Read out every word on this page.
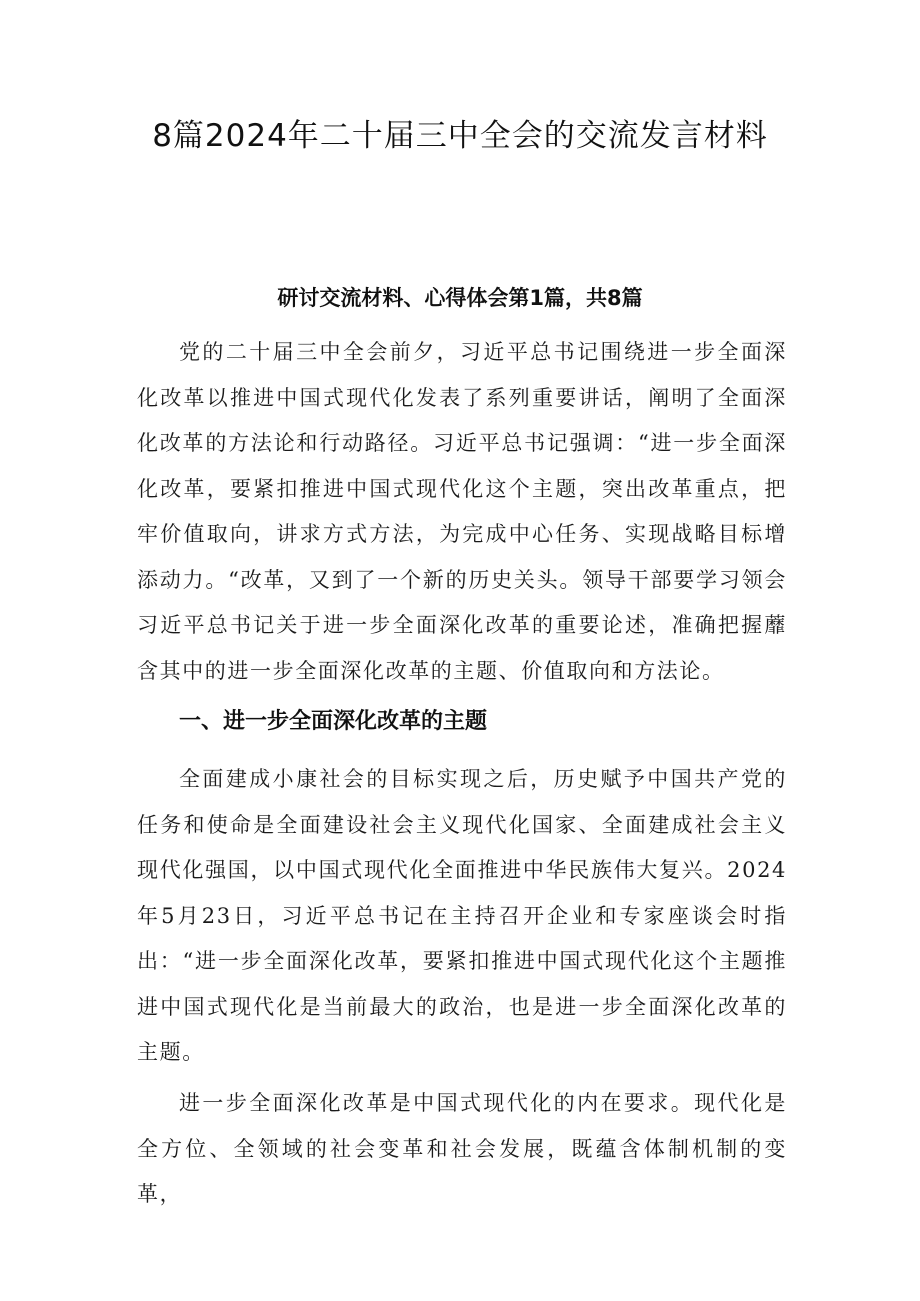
8篇2024年二十届三中全会的交流发言材料
研讨交流材料、心得体会第1篇，共8篇

党的二十届三中全会前夕，习近平总书记围绕进一步全面深化改革以推进中国式现代化发表了系列重要讲话，阐明了全面深化改革的方法论和行动路径。习近平总书记强调：“进一步全面深化改革，要紧扣推进中国式现代化这个主题，突出改革重点，把牢价值取向，讲求方式方法，为完成中心任务、实现战略目标增添动力。“改革，又到了一个新的历史关头。领导干部要学习领会习近平总书记关于进一步全面深化改革的重要论述，准确把握蘼含其中的进一步全面深化改革的主题、价值取向和方法论。

一、进一步全面深化改革的主题

全面建成小康社会的目标实现之后，历史赋予中国共产党的任务和使命是全面建设社会主义现代化国家、全面建成社会主义现代化强国，以中国式现代化全面推进中华民族伟大复兴。2024年5月23日，习近平总书记在主持召开企业和专家座谈会时指出：“进一步全面深化改革，要紧扣推进中国式现代化这个主题推进中国式现代化是当前最大的政治，也是进一步全面深化改革的主题。

进一步全面深化改革是中国式现代化的内在要求。现代化是全方位、全领域的社会变革和社会发展，既蕴含体制机制的变革，
